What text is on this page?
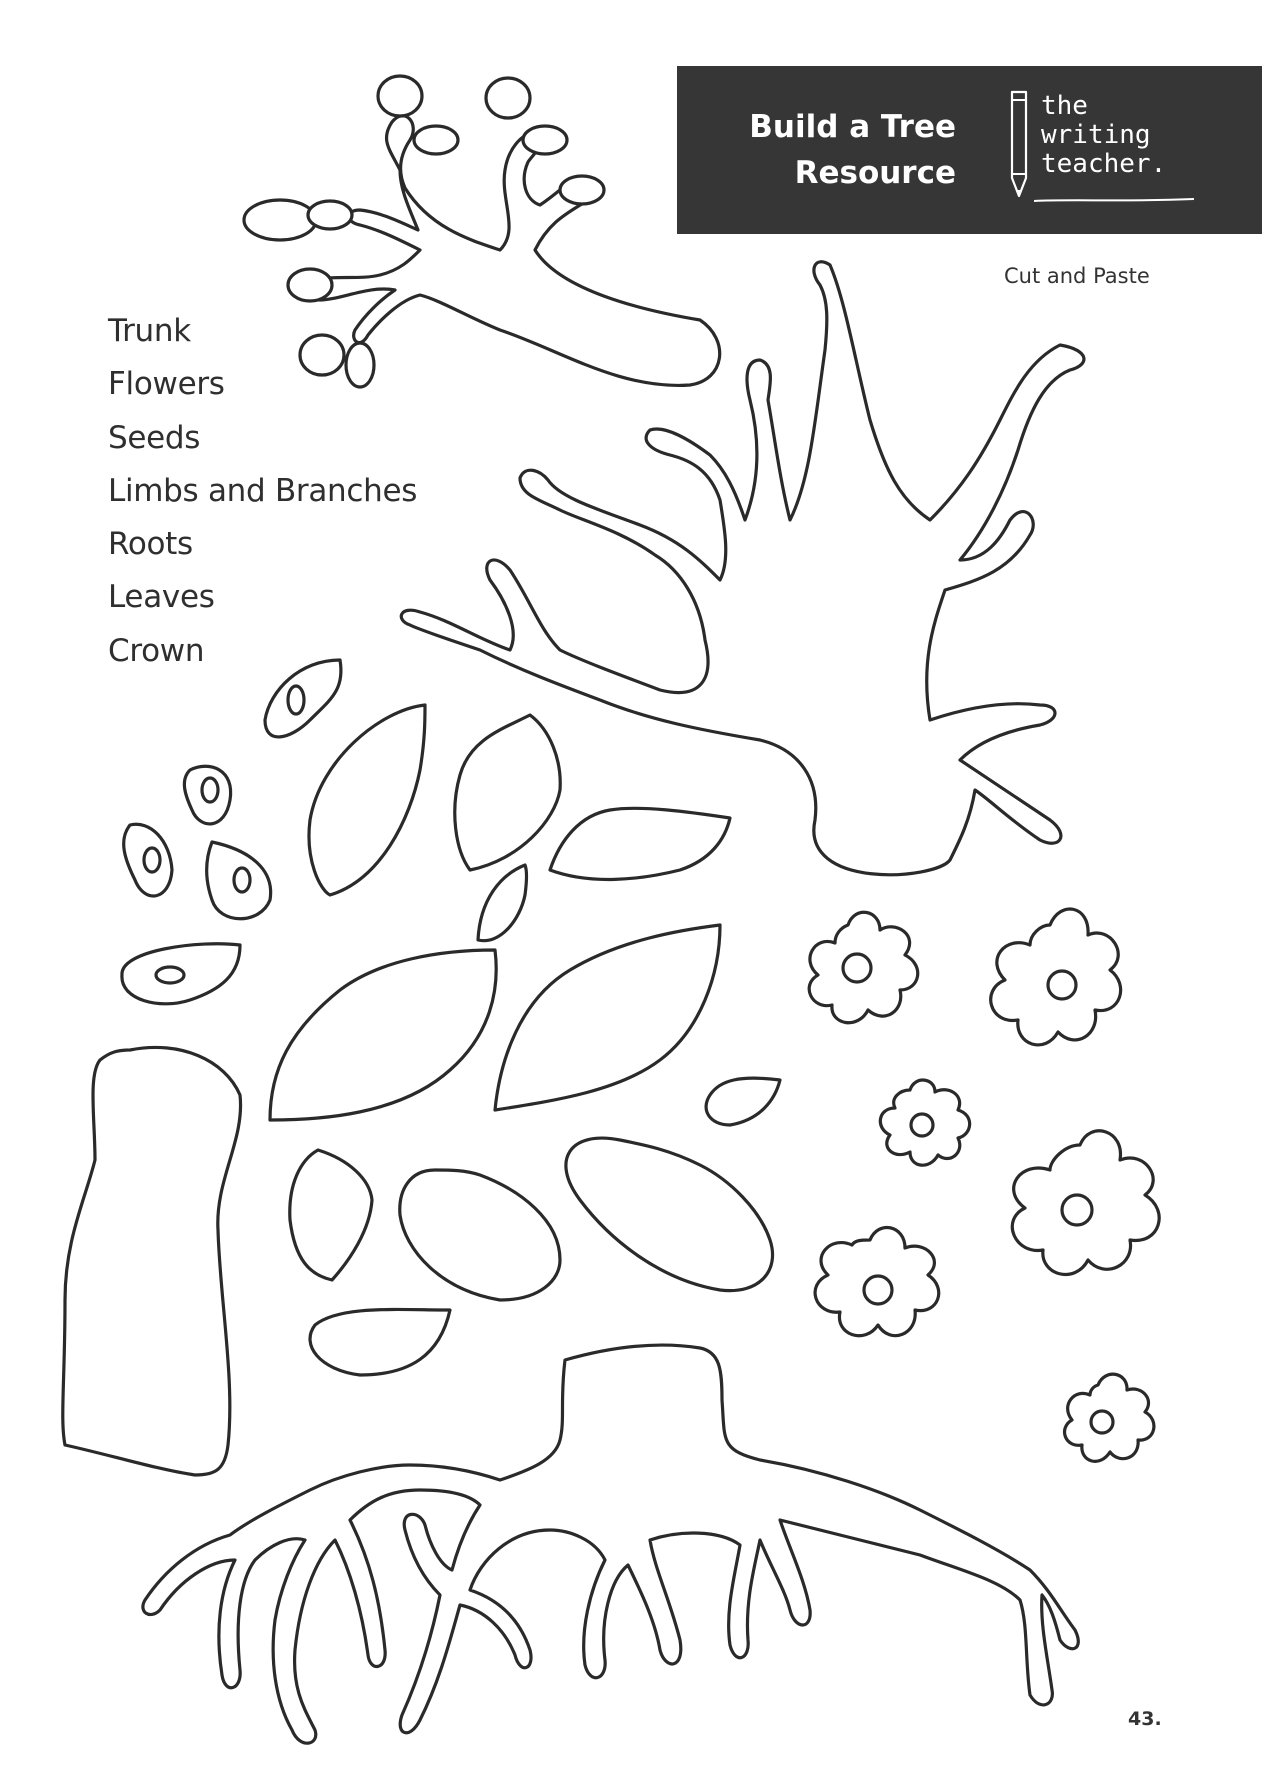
Build a Tree
Resource
the
writing
teacher.
Cut and Paste
Trunk
Flowers
Seeds
Limbs and Branches
Roots
Leaves
Crown
43.
